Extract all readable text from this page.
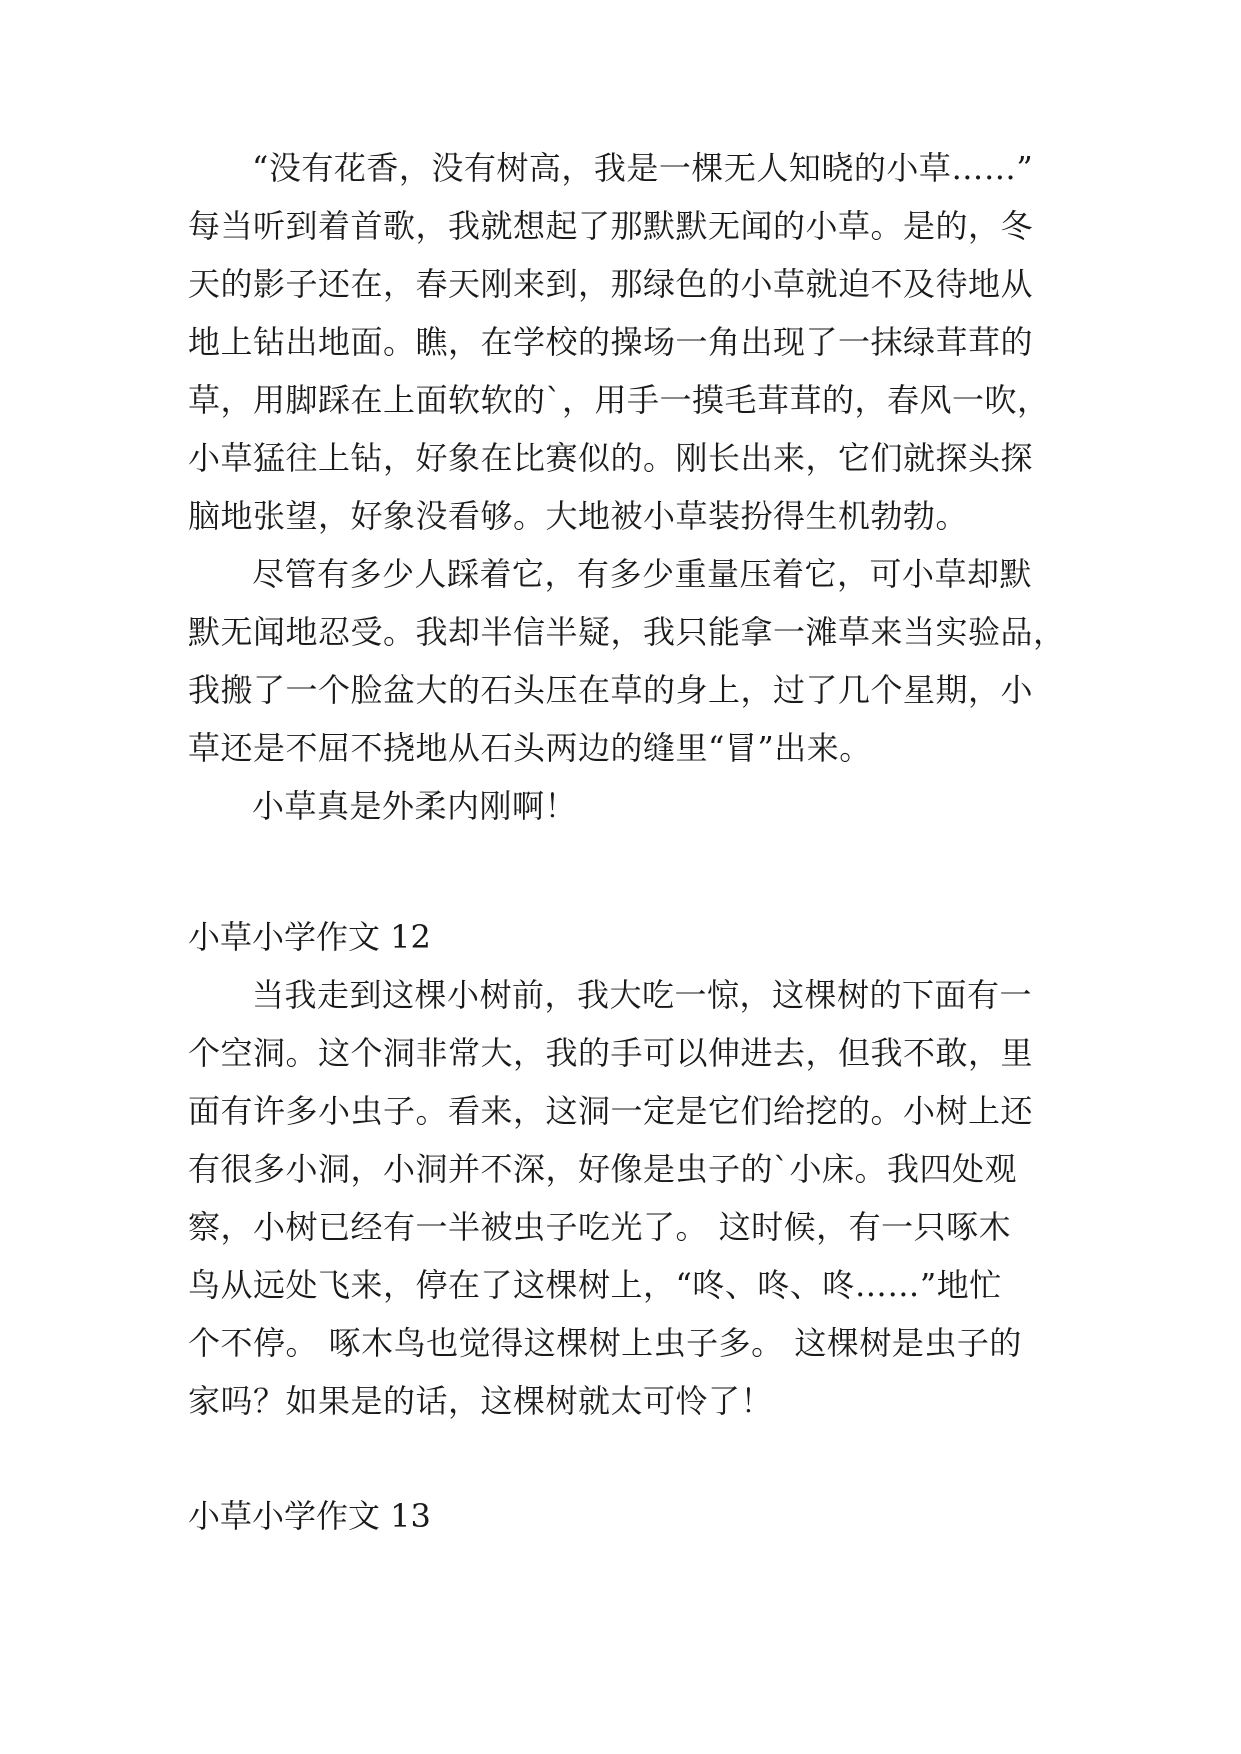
“没有花香，没有树高，我是一棵无人知晓的小草……”

每当听到着首歌，我就想起了那默默无闻的小草。是的，冬

天的影子还在，春天刚来到，那绿色的小草就迫不及待地从

地上钻出地面。瞧，在学校的操场一角出现了一抹绿茸茸的

草，用脚踩在上面软软的`，用手一摸毛茸茸的，春风一吹，

小草猛往上钻，好象在比赛似的。刚长出来，它们就探头探

脑地张望，好象没看够。大地被小草装扮得生机勃勃。

尽管有多少人踩着它，有多少重量压着它，可小草却默

默无闻地忍受。我却半信半疑，我只能拿一滩草来当实验品，

我搬了一个脸盆大的石头压在草的身上，过了几个星期，小

草还是不屈不挠地从石头两边的缝里“冒”出来。

小草真是外柔内刚啊！

小草小学作文 12

当我走到这棵小树前，我大吃一惊，这棵树的下面有一

个空洞。这个洞非常大，我的手可以伸进去，但我不敢，里

面有许多小虫子。看来，这洞一定是它们给挖的。小树上还

有很多小洞，小洞并不深，好像是虫子的`小床。我四处观

察，小树已经有一半被虫子吃光了。 这时候，有一只啄木

鸟从远处飞来，停在了这棵树上，“咚、咚、咚……”地忙

个不停。 啄木鸟也觉得这棵树上虫子多。 这棵树是虫子的

家吗？如果是的话，这棵树就太可怜了！

小草小学作文 13
